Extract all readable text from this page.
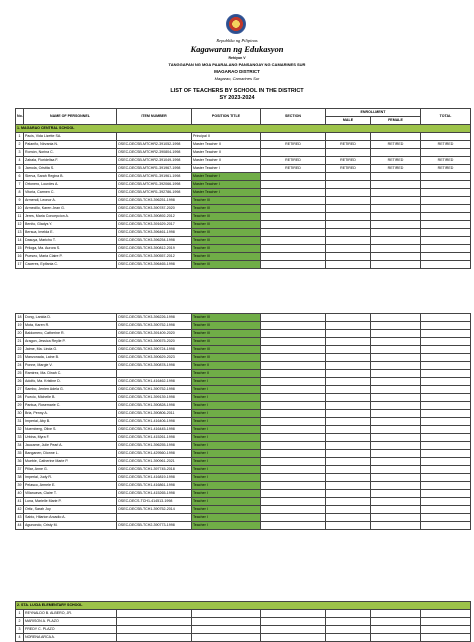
Republika ng Pilipinas
Kagawaran ng Edukasyon
Rehiyon V
TANGGAPAN NG MGA PAARALANG PANSANGAY NG CAMARINES SUR
MAGARAO DISTRICT
Magarao, Camarines Sur
LIST OF TEACHERS BY SCHOOL IN THE DISTRICT
SY 2023-2024
No.	NAME OF PERSONNEL	ITEM NUMBER	POSITION TITLE	SECTION	ENROLLMENT		TOTAL
					MALE	FEMALE	
1. MAGARAO CENTRAL SCHOOL							
1	Pacis, Vida Lizette SA.		Principal II				
2	Palanño, Nirvania N.	OSEC-DECSB-MTCHR2-391052-1998	Master Teacher II	RETIRED	RETIRED	RETIRED	RETIRED
3	Romón, Norina C.	OSEC-DECSB-MTCHR2-390804-1998	Master Teacher II				
4	Zabala, Floridelisa F.	OSEC-DECSB-MTCHR2-391049-1998	Master Teacher II	RETIRED	RETIRED	RETIRED	RETIRED
5	Jamola, Cristita S.	OSEC-DECSB-MTCHR1-391967-1998	Master Teacher I	RETIRED	RETIRED	RETIRED	RETIRED
6	Sierva, Sarah Regina B.	OSEC-DECSB-MTCHR1-391961-1998	Master Teacher I				
7	Ortonero, Lourdes A.	OSEC-DECSB-MTCHR1-392066-1998	Master Teacher I				
8	Vitoria, Carmen C.	OSEC-DECSB-MTCHR1-392786-1998	Master Teacher I				
9	Armendi, Leonor A.	OSEC-DECSB-TCH3-396251-1998	Teacher III				
10	Armecillo, Karen Jean G.	OSEC-DECSB-TCH3-390787-2020	Teacher III				
11	Jeres, Maria Concepcion A.	OSEC-DECSB-TCH3-390892-2012	Teacher III				
12	Benito, Gladys Y.	OSEC-DECSB-TCH3-391629-2017	Teacher III				
13	Bersua, Imelda E.	OSEC-DECSB-TCH3-396461-1998	Teacher III				
14	Dasuya, Marichu T.	OSEC-DECSB-TCH3-396254-1998	Teacher III				
15	Priloga, Ma. Aurora S.	OSEC-DECSB-TCH3-390812-2019	Teacher III				
16	Pueseo, Maria Claire P.	OSEC-DECSB-TCH3-390557-2012	Teacher III				
17	Caceres, Epifania C.	OSEC-DECSB-TCH3-396465-1998	Teacher III				
18	Dong, Lanida D.	OSEC-DECSB-TCH3-396226-1998	Teacher III				
19	Mota, Karen R.	OSEC-DECSB-TCH3-390752-1998	Teacher III				
20	Baldomero, Catherine R.	OSEC-DECSB-TCH3-391409-2020	Teacher III				
21	Aragon, Jessica Reylie P.	OSEC-DECSB-TCH3-390575-2020	Teacher III				
22	Jaime, Ma. Linda G.	OSEC-DECSB-TCH3-390724-1998	Teacher III				
23	Manzonada, Laine B.	OSEC-DECSB-TCH3-390629-2023	Teacher III				
24	Ponne, Margie V.	OSEC-DECSB-TCH3-390878-1998	Teacher II				
25	Ramirez, Ma. Dinah C.		Teacher II				
26	Adolfo, Ma. Kristine D.	OSEC-DECSB-TCH1-416462-1998	Teacher I				
27	Sambo, Jenien Adela G.	OSEC-DECSB-TCH1-390752-1998	Teacher I				
28	Fuecio, Michelle B.	OSEC-DECSB-TCH1-399139-1998	Teacher I				
29	Pantua, Rosemarie C.	OSEC-DECSB-TCH1-390828-1998	Teacher I				
30	Bria, Penny A.	OSEC-DECSB-TCH1-390806-2011	Teacher I				
31	Imperial, Aby B.	OSEC-DECSB-TCH1-416406-1998	Teacher I				
32	Nuemberg, Olive S.	OSEC-DECSB-TCH1-416445-1998	Teacher I				
33	Urbina, Myra F.	OSEC-DECSB-TCH1-415261-1998	Teacher I				
34	Jaucame, Julie Pearl A.	OSEC-DECSB-TCH1-396255-1998	Teacher I				
35	Banganen, Dionne L.	OSEC-DECSB-TCH1-429560-1998	Teacher I				
36	Mueble, Catherine Marie P.	OSEC-DECSB-TCH1-390961-2021	Teacher I				
37	Pillar, Anne G.	OSEC-DECSB-TCH1-397745-2018	Teacher I				
38	Imperial, Judy R.	OSEC-DECSB-TCH1-416819-1998	Teacher I				
39	Pelasco, Armele E.	OSEC-DECSB-TCH1-416861-1998	Teacher I				
40	Villanueva, Claire T.	OSEC-DECSB-TCH1-415265-1998	Teacher I				
41	Luna, Marielle Marie P.	OSEC-DECS-TCH1-414513-1998	Teacher I				
42	Ortiz, Sarah Joy	OSEC-DECSB-TCH1-390752-2014	Teacher I				
43	Sabio, Hilarion Arcadio A.		Teacher I				
44	Agunondo, Cristy M.	OSEC-DECSB-TCH2-390773-1998	Teacher I				
2. STA. LUCIA ELEMENTARY SCHOOL							
1	REYNALDO B. ALBERO, JR.						
2	MARISON A. PLAZO						
3	FREDY C. PLAZO						
4	NORENA ARCA A.						
